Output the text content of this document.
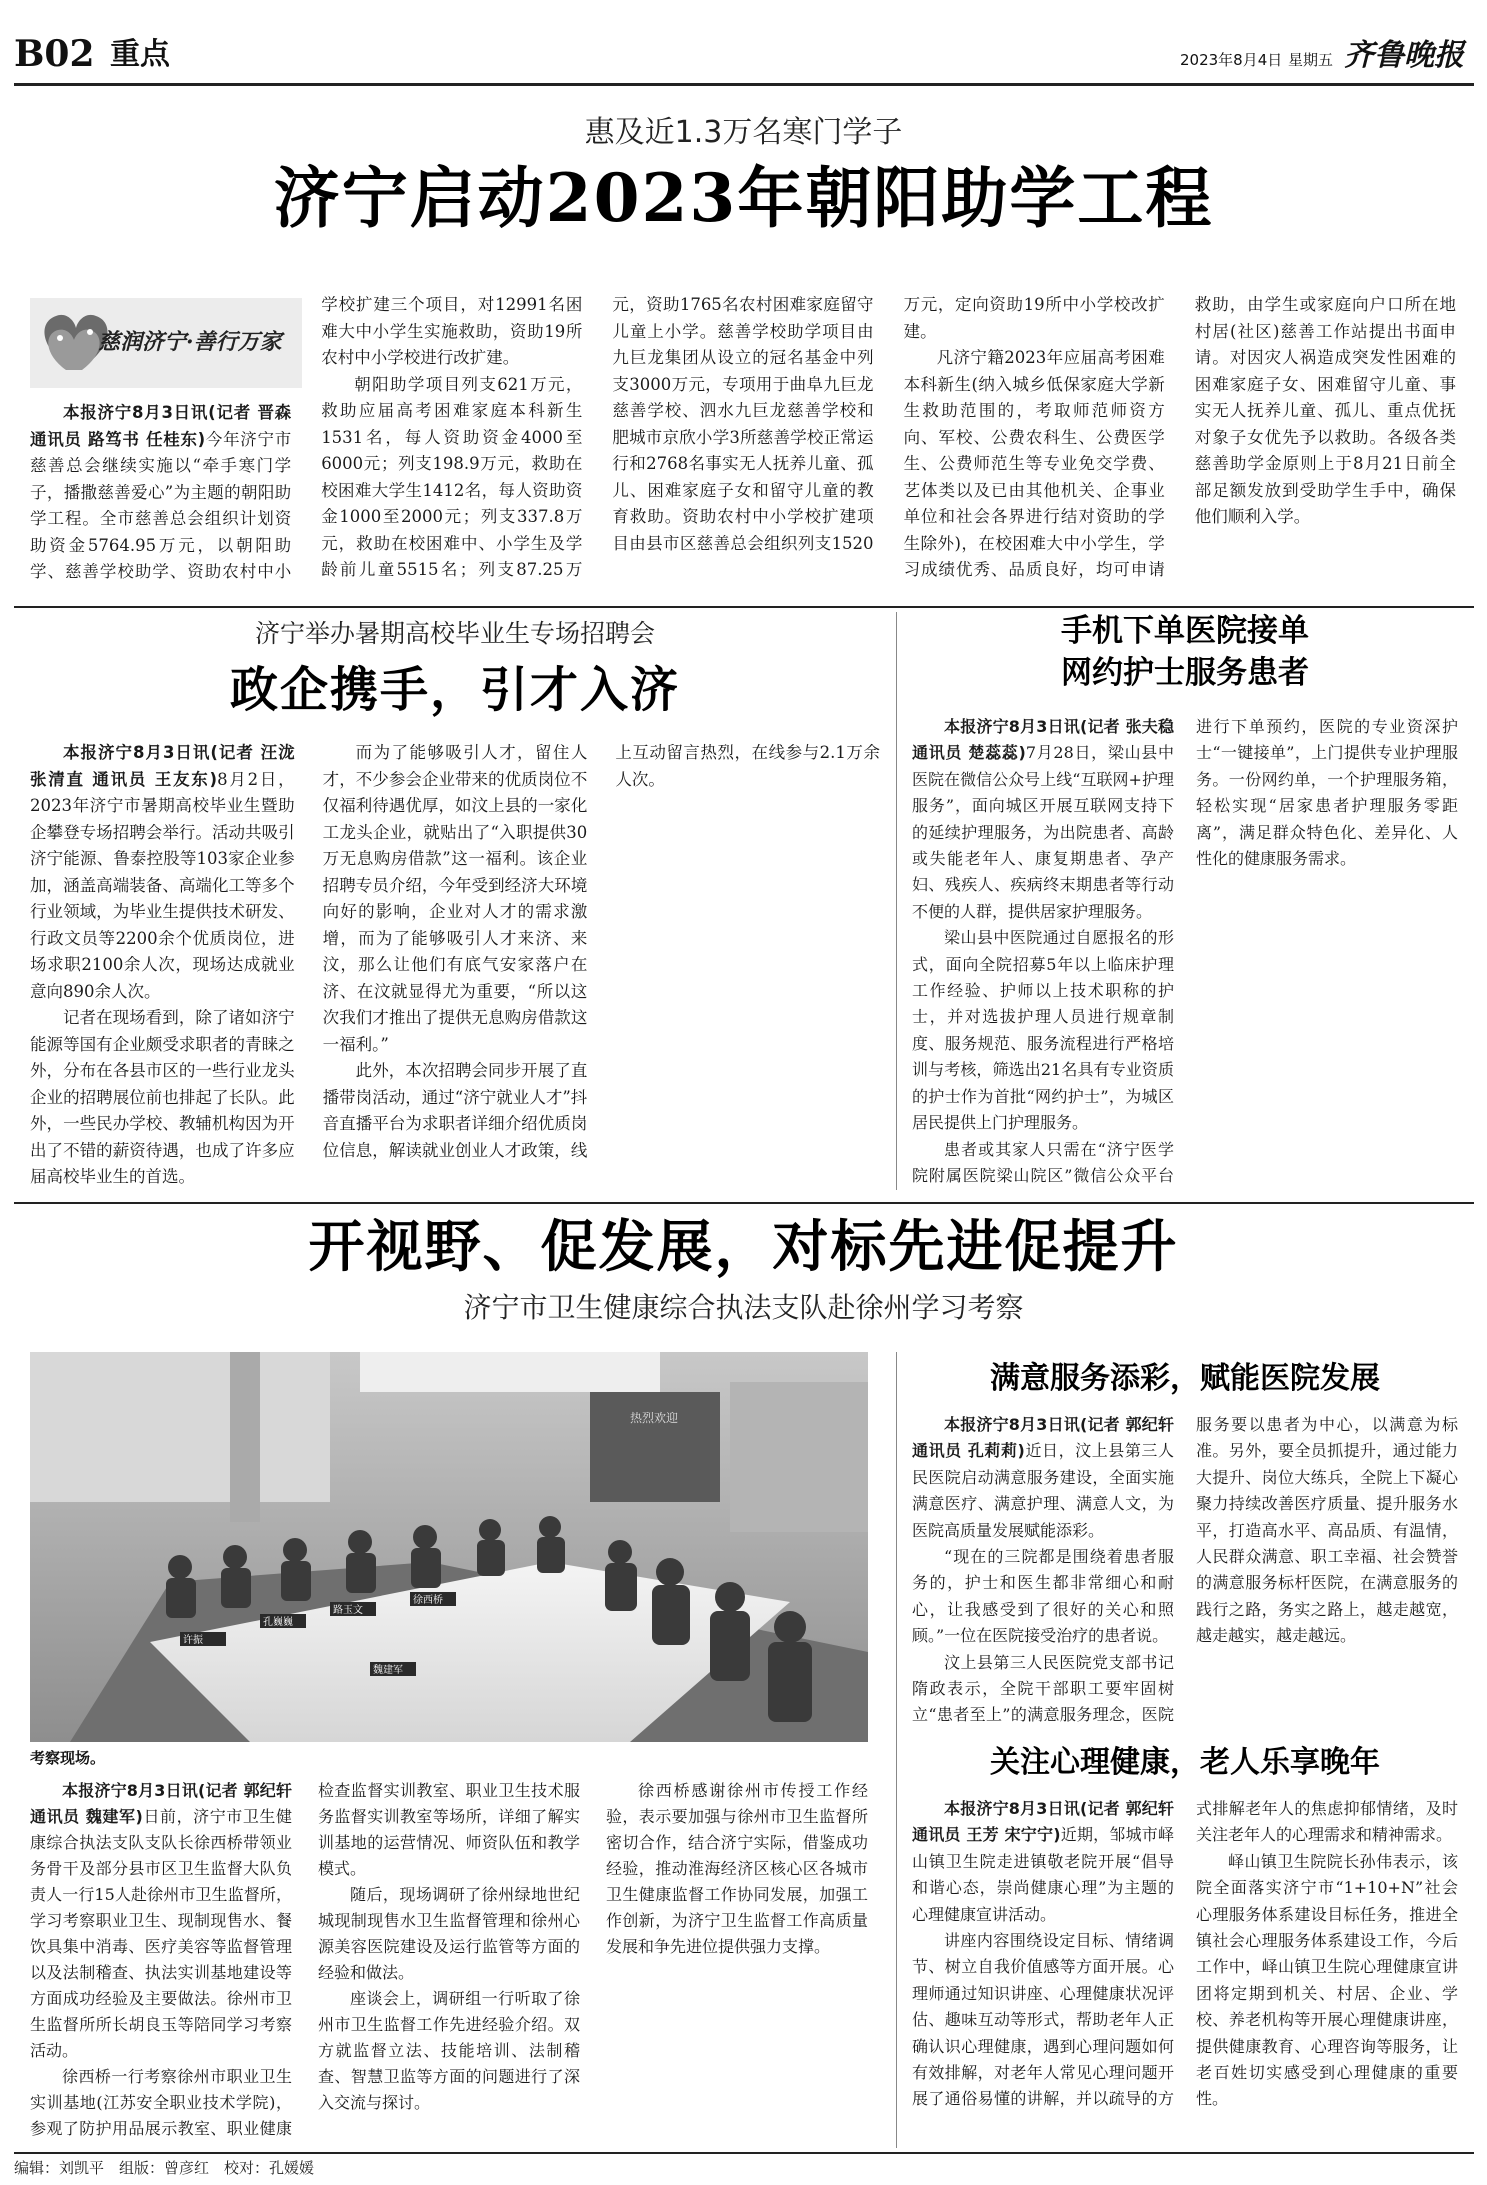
B02 重点	2023年8月4日 星期五 齐鲁晚报
惠及近1.3万名寒门学子
济宁启动2023年朝阳助学工程
慈润济宁·善行万家

本报济宁8月3日讯(记者 晋森 通讯员 路笃书 任桂东)今年济宁市慈善总会继续实施以“牵手寒门学子，播撒慈善爱心”为主题的朝阳助学工程。全市慈善总会组织计划资助资金5764.95万元，以朝阳助学、慈善学校助学、资助农村中小学校扩建三个项目，对12991名困难大中小学生实施救助，资助19所农村中小学校进行改扩建。

朝阳助学项目列支621万元，救助应届高考困难家庭本科新生1531名，每人资助资金4000至6000元；列支198.9万元，救助在校困难大学生1412名，每人资助资金1000至2000元；列支337.8万元，救助在校困难中、小学生及学龄前儿童5515名；列支87.25万元，资助1765名农村困难家庭留守儿童上小学。慈善学校助学项目由九巨龙集团从设立的冠名基金中列支3000万元，专项用于曲阜九巨龙慈善学校、泗水九巨龙慈善学校和肥城市京欣小学3所慈善学校正常运行和2768名事实无人抚养儿童、孤儿、困难家庭子女和留守儿童的教育救助。资助农村中小学校扩建项目由县市区慈善总会组织列支1520万元，定向资助19所中小学校改扩建。

凡济宁籍2023年应届高考困难本科新生(纳入城乡低保家庭大学新生救助范围的，考取师范师资方向、军校、公费农科生、公费医学生、公费师范生等专业免交学费、艺体类以及已由其他机关、企事业单位和社会各界进行结对资助的学生除外)，在校困难大中小学生，学习成绩优秀、品质良好，均可申请救助，由学生或家庭向户口所在地村居(社区)慈善工作站提出书面申请。对因灾人祸造成突发性困难的困难家庭子女、困难留守儿童、事实无人抚养儿童、孤儿、重点优抚对象子女优先予以救助。各级各类慈善助学金原则上于8月21日前全部足额发放到受助学生手中，确保他们顺利入学。

济宁举办暑期高校毕业生专场招聘会
政企携手，引才入济

本报济宁8月3日讯(记者 汪泷 张清直 通讯员 王友东)8月2日，2023年济宁市暑期高校毕业生暨助企攀登专场招聘会举行。活动共吸引济宁能源、鲁泰控股等103家企业参加，涵盖高端装备、高端化工等多个行业领域，为毕业生提供技术研发、行政文员等2200余个优质岗位，进场求职2100余人次，现场达成就业意向890余人次。

记者在现场看到，除了诸如济宁能源等国有企业颇受求职者的青睐之外，分布在各县市区的一些行业龙头企业的招聘展位前也排起了长队。此外，一些民办学校、教辅机构因为开出了不错的薪资待遇，也成了许多应届高校毕业生的首选。

而为了能够吸引人才，留住人才，不少参会企业带来的优质岗位不仅福利待遇优厚，如汶上县的一家化工龙头企业，就贴出了“入职提供30万无息购房借款”这一福利。该企业招聘专员介绍，今年受到经济大环境向好的影响，企业对人才的需求激增，而为了能够吸引人才来济、来汶，那么让他们有底气安家落户在济、在汶就显得尤为重要，“所以这次我们才推出了提供无息购房借款这一福利。”

此外，本次招聘会同步开展了直播带岗活动，通过“济宁就业人才”抖音直播平台为求职者详细介绍优质岗位信息，解读就业创业人才政策，线上互动留言热烈，在线参与2.1万余人次。

手机下单医院接单
网约护士服务患者

本报济宁8月3日讯(记者 张夫稳 通讯员 楚蕊蕊)7月28日，梁山县中医院在微信公众号上线“互联网+护理服务”，面向城区开展互联网支持下的延续护理服务，为出院患者、高龄或失能老年人、康复期患者、孕产妇、残疾人、疾病终末期患者等行动不便的人群，提供居家护理服务。

梁山县中医院通过自愿报名的形式，面向全院招募5年以上临床护理工作经验、护师以上技术职称的护士，并对选拔护理人员进行规章制度、服务规范、服务流程进行严格培训与考核，筛选出21名具有专业资质的护士作为首批“网约护士”，为城区居民提供上门护理服务。

患者或其家人只需在“济宁医学院附属医院梁山院区”微信公众平台进行下单预约，医院的专业资深护士“一键接单”，上门提供专业护理服务。一份网约单，一个护理服务箱，轻松实现“居家患者护理服务零距离”，满足群众特色化、差异化、人性化的健康服务需求。

开视野、促发展，对标先进促提升
济宁市卫生健康综合执法支队赴徐州学习考察
热烈欢迎
许振
孔巍巍
魏建军
路玉文
徐西桥
考察现场。

本报济宁8月3日讯(记者 郭纪轩 通讯员 魏建军)日前，济宁市卫生健康综合执法支队支队长徐西桥带领业务骨干及部分县市区卫生监督大队负责人一行15人赴徐州市卫生监督所，学习考察职业卫生、现制现售水、餐饮具集中消毒、医疗美容等监督管理以及法制稽查、执法实训基地建设等方面成功经验及主要做法。徐州市卫生监督所所长胡良玉等陪同学习考察活动。

徐西桥一行考察徐州市职业卫生实训基地(江苏安全职业技术学院)，参观了防护用品展示教室、职业健康检查监督实训教室、职业卫生技术服务监督实训教室等场所，详细了解实训基地的运营情况、师资队伍和教学模式。

随后，现场调研了徐州绿地世纪城现制现售水卫生监督管理和徐州心源美容医院建设及运行监管等方面的经验和做法。

座谈会上，调研组一行听取了徐州市卫生监督工作先进经验介绍。双方就监督立法、技能培训、法制稽查、智慧卫监等方面的问题进行了深入交流与探讨。

徐西桥感谢徐州市传授工作经验，表示要加强与徐州市卫生监督所密切合作，结合济宁实际，借鉴成功经验，推动淮海经济区核心区各城市卫生健康监督工作协同发展，加强工作创新，为济宁卫生监督工作高质量发展和争先进位提供强力支撑。

满意服务添彩，赋能医院发展

本报济宁8月3日讯(记者 郭纪轩 通讯员 孔莉莉)近日，汶上县第三人民医院启动满意服务建设，全面实施满意医疗、满意护理、满意人文，为医院高质量发展赋能添彩。

“现在的三院都是围绕着患者服务的，护士和医生都非常细心和耐心，让我感受到了很好的关心和照顾。”一位在医院接受治疗的患者说。

汶上县第三人民医院党支部书记隋政表示，全院干部职工要牢固树立“患者至上”的满意服务理念，医院服务要以患者为中心，以满意为标准。另外，要全员抓提升，通过能力大提升、岗位大练兵，全院上下凝心聚力持续改善医疗质量、提升服务水平，打造高水平、高品质、有温情，人民群众满意、职工幸福、社会赞誉的满意服务标杆医院，在满意服务的践行之路，务实之路上，越走越宽，越走越实，越走越远。

关注心理健康，老人乐享晚年

本报济宁8月3日讯(记者 郭纪轩 通讯员 王芳 宋宁宁)近期，邹城市峄山镇卫生院走进镇敬老院开展“倡导和谐心态，崇尚健康心理”为主题的心理健康宣讲活动。

讲座内容围绕设定目标、情绪调节、树立自我价值感等方面开展。心理师通过知识讲座、心理健康状况评估、趣味互动等形式，帮助老年人正确认识心理健康，遇到心理问题如何有效排解，对老年人常见心理问题开展了通俗易懂的讲解，并以疏导的方式排解老年人的焦虑抑郁情绪，及时关注老年人的心理需求和精神需求。

峄山镇卫生院院长孙伟表示，该院全面落实济宁市“1+10+N”社会心理服务体系建设目标任务，推进全镇社会心理服务体系建设工作，今后工作中，峄山镇卫生院心理健康宣讲团将定期到机关、村居、企业、学校、养老机构等开展心理健康讲座，提供健康教育、心理咨询等服务，让老百姓切实感受到心理健康的重要性。

编辑：刘凯平　组版：曾彦红　校对：孔媛媛
